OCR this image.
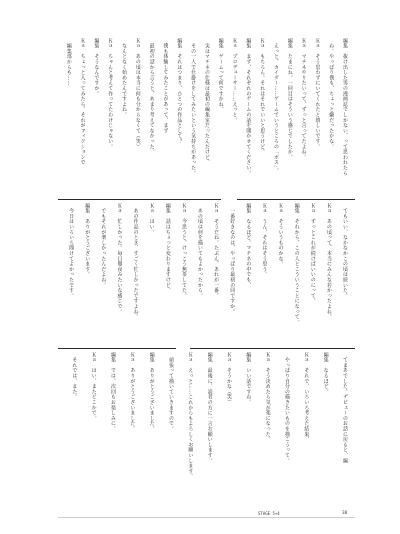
編集　抜け出した男の漫画誌でしかない、って思われたら
　ね。やっぱり僕も、ちょっと嫌だったかな。
Ｋａ　そう思わずにいてくれたと嬉しいです。
Ｋａ　マチネやりたいって、ずっと言ってたよね。
編集　たまにね。一回目はそういう感じでしたか。
　えっと、カイダー……ゲームでいうところの「ボス」。
Ｋａ　もちろん。それはそれでいいと思うけど。
編集　まず、それぞれのゲームの話を聞かせてください。
Ｋａ　プロデューサー……えっと。
編集　ゲームって何ですかね。
　実はマチネの仕様は最初の編集室だったんだけど、
　その一人で仕掛けをしてみたいという気持ちがあった。
編集　それはつまり、ひとつの作品として？
　僕も体験してみたことがあって、まず
　最初の話から言うと、あまり考えてなかった。
Ｋａ　あの頃は本当に何も分からなくて（笑）
　なんとなく始めたんですよね。
Ｋａ　ちゃんと考えて作ってたわけじゃない。
編集　そうなんですか。
Ｋａ　ちょっと入ってみたら、それがフィクションで
　編集部からも……
　てもいい、なかなかこの頃は続いた。
Ｋａ　あの頃って、本当にみんな若かったよね。
Ｋａ　ずっとこれが続けばいいのにって。
編集　それから、この人とこういうことになって。
Ｋａ　そういうものかな。
Ｋａ　うん、それはそう思う。
編集　なるほど。マチネの中でも、
　一番好きなのは、やっぱり最初の回ですか。
Ｋａ　そうだね。たぶん、あれが一番。
　あの頃は何を描いてもよかったから。
Ｋａ　今思うと、けっこう無茶してた。
編集　話はちょっと変わりますけど。
Ｋａ　はい。
　あの作品のとき、すごく忙しかったですよね。
Ｋａ　忙しかった。毎日徹夜みたいな感じで。
　でもそれが楽しかったんだよね。
編集　ありがとうございます。
　今日はいろいろ聞けてよかったです。
　てまあでした。デビューのお話に戻ると、編
編集　なるほど。
Ｋａ　それで、いろいろ考えた結果、
　やっぱり自分の描きたいものを描こうって。
Ｋａ　そう決めたら気が楽になった。
編集　いい話ですね。
Ｋａ　そうかな（笑）
編集　最後に、読者の方に一言お願いします。
Ｋａ　えっと……これからもよろしくお願いします。
　頑張って描いていきますので。
編集　ありがとうございました。
Ｋａ　ありがとうございました。
編集　では、次回もお楽しみに。
Ｋａ　はい、またどこかで。
　それでは、また。
STAGE 5+4	30
